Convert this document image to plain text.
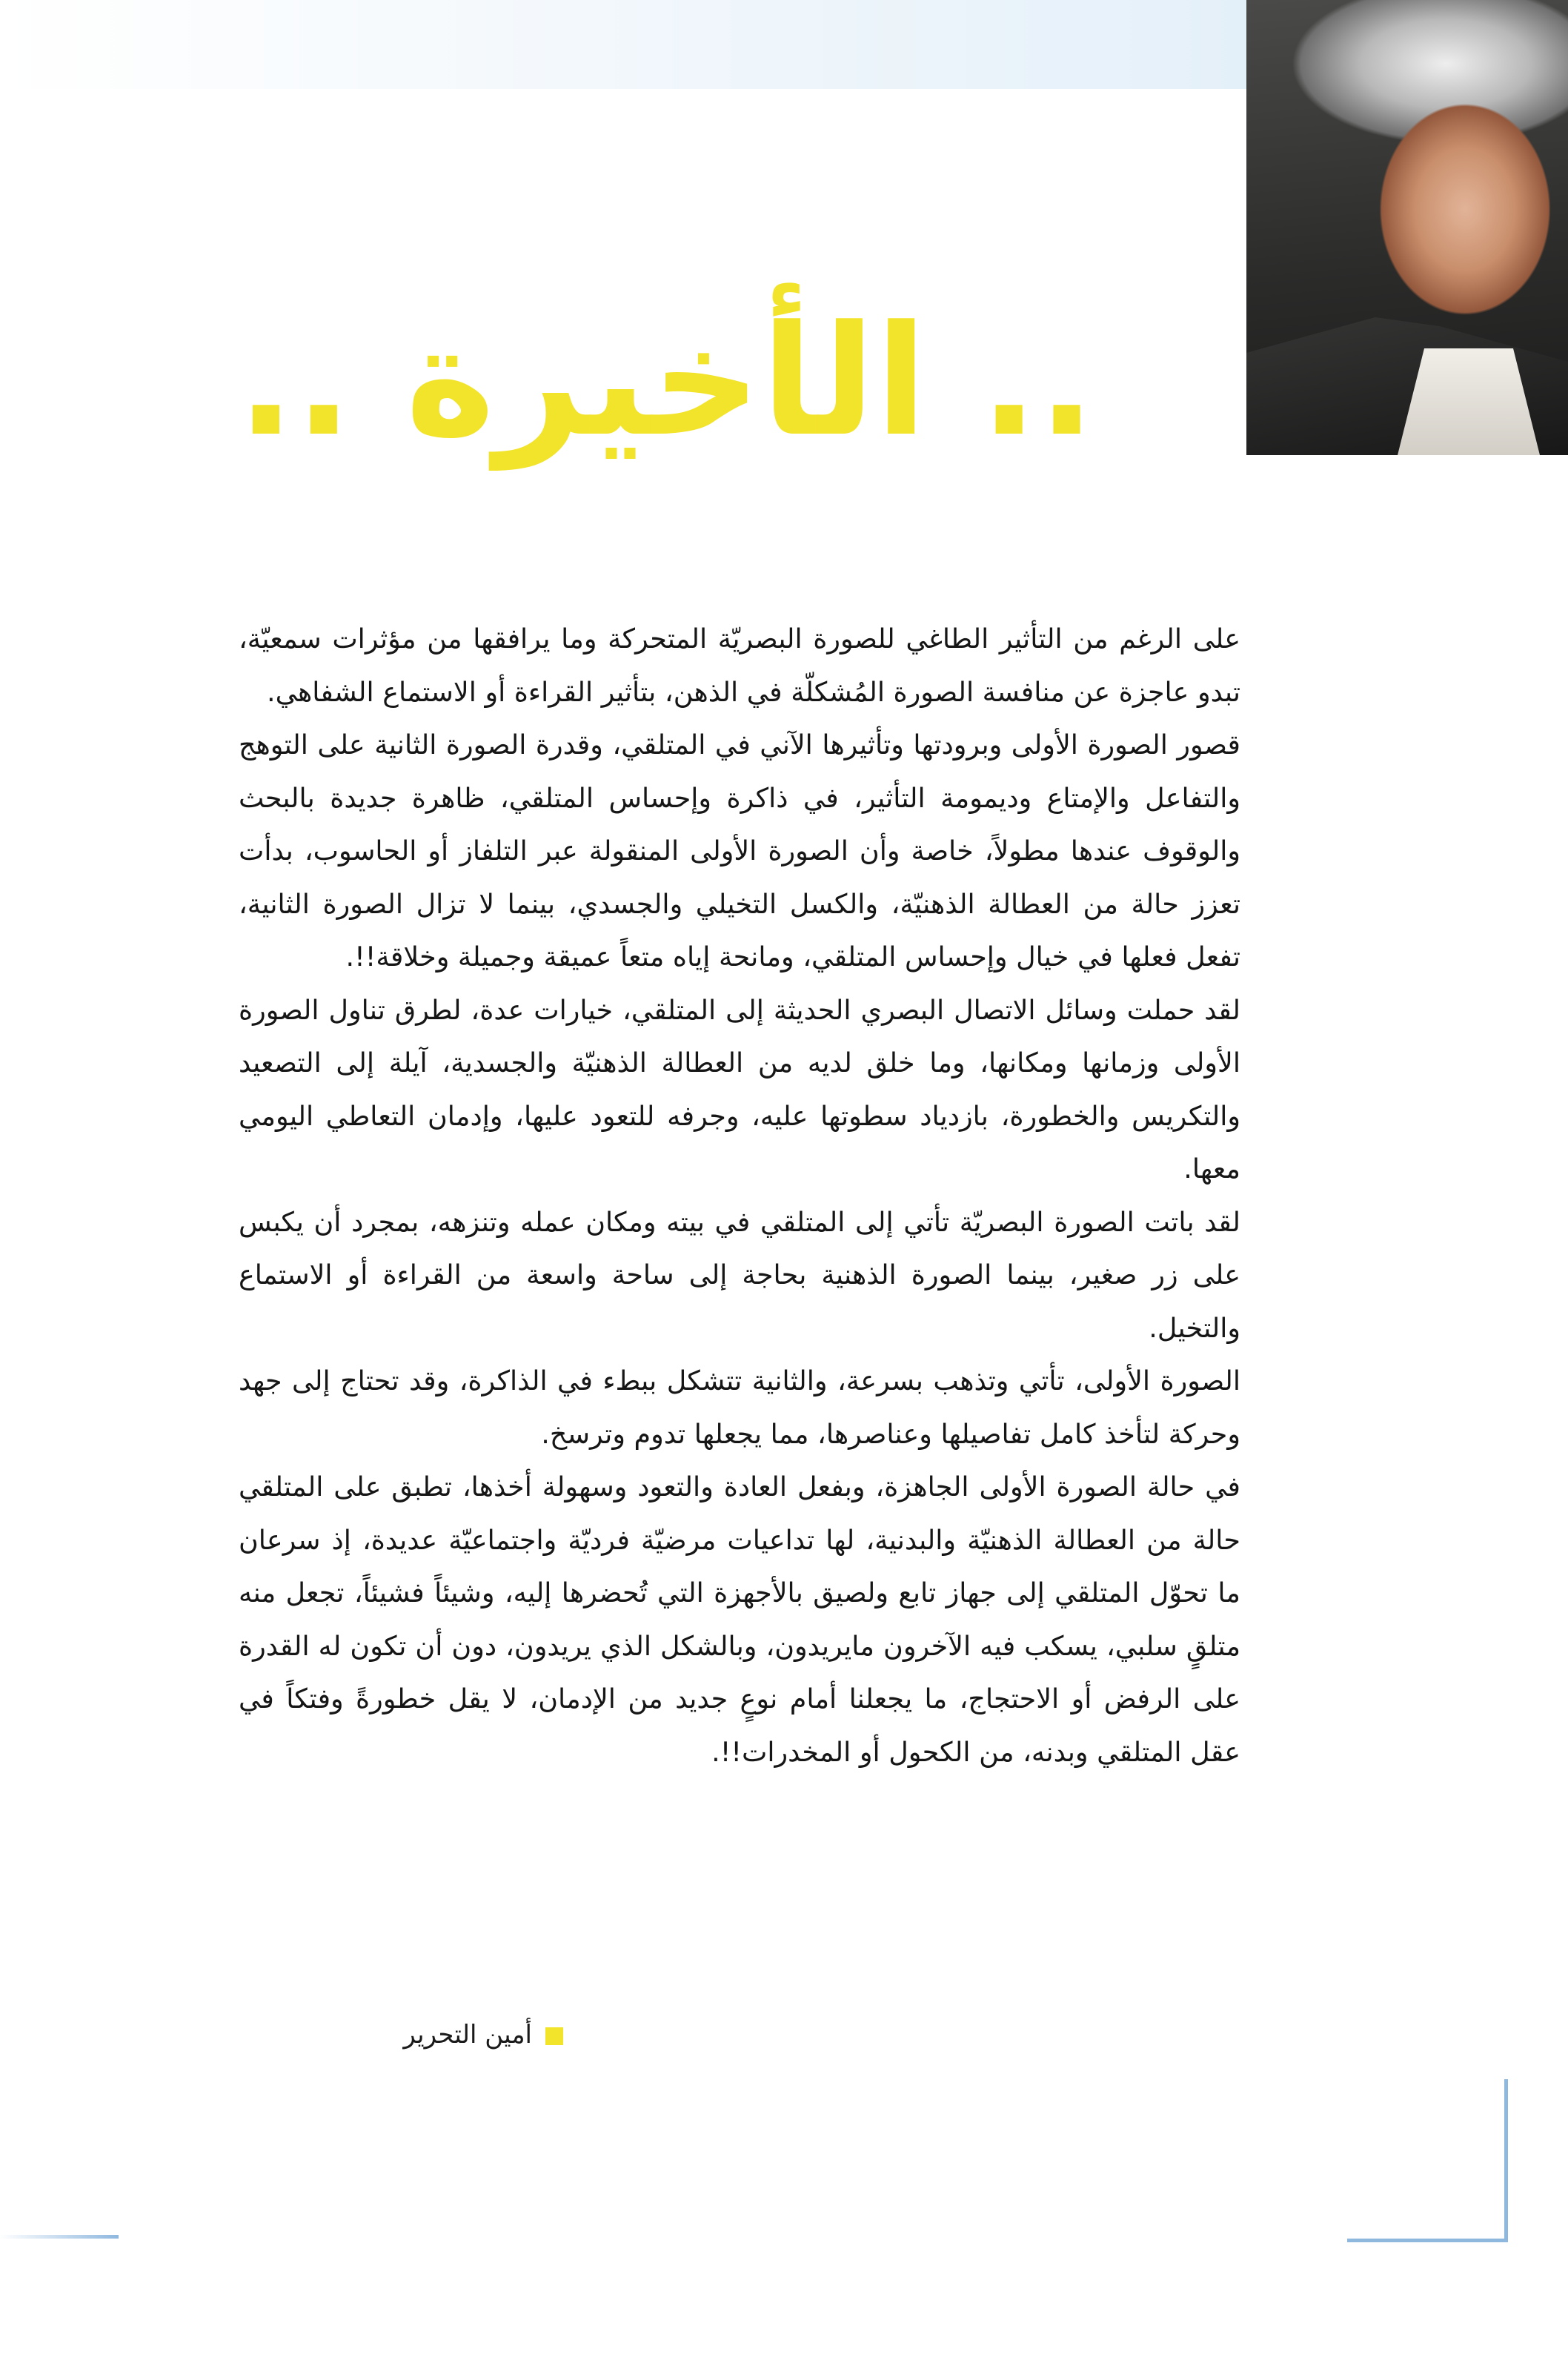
.. الأخيرة ..

على الرغم من التأثير الطاغي للصورة البصريّة المتحركة وما يرافقها من مؤثرات سمعيّة، تبدو عاجزة عن منافسة الصورة المُشكلّة في الذهن، بتأثير القراءة أو الاستماع الشفاهي.

قصور الصورة الأولى وبرودتها وتأثيرها الآني في المتلقي، وقدرة الصورة الثانية على التوهج والتفاعل والإمتاع وديمومة التأثير، في ذاكرة وإحساس المتلقي، ظاهرة جديدة بالبحث والوقوف عندها مطولاً، خاصة وأن الصورة الأولى المنقولة عبر التلفاز أو الحاسوب، بدأت تعزز حالة من العطالة الذهنيّة، والكسل التخيلي والجسدي، بينما لا تزال الصورة الثانية، تفعل فعلها في خيال وإحساس المتلقي، ومانحة إياه متعاً عميقة وجميلة وخلاقة!!.

لقد حملت وسائل الاتصال البصري الحديثة إلى المتلقي، خيارات عدة، لطرق تناول الصورة الأولى وزمانها ومكانها، وما خلق لديه من العطالة الذهنيّة والجسدية، آيلة إلى التصعيد والتكريس والخطورة، بازدياد سطوتها عليه، وجرفه للتعود عليها، وإدمان التعاطي اليومي معها.

لقد باتت الصورة البصريّة تأتي إلى المتلقي في بيته ومكان عمله وتنزهه، بمجرد أن يكبس على زر صغير، بينما الصورة الذهنية بحاجة إلى ساحة واسعة من القراءة أو الاستماع والتخيل.

الصورة الأولى، تأتي وتذهب بسرعة، والثانية تتشكل ببطء في الذاكرة، وقد تحتاج إلى جهد وحركة لتأخذ كامل تفاصيلها وعناصرها، مما يجعلها تدوم وترسخ.

في حالة الصورة الأولى الجاهزة، وبفعل العادة والتعود وسهولة أخذها، تطبق على المتلقي حالة من العطالة الذهنيّة والبدنية، لها تداعيات مرضيّة فرديّة واجتماعيّة عديدة، إذ سرعان ما تحوّل المتلقي إلى جهاز تابع ولصيق بالأجهزة التي تُحضرها إليه، وشيئاً فشيئاً، تجعل منه متلقٍ سلبي، يسكب فيه الآخرون مايريدون، وبالشكل الذي يريدون، دون أن تكون له القدرة على الرفض أو الاحتجاج، ما يجعلنا أمام نوعٍ جديد من الإدمان، لا يقل خطورةً وفتكاً في عقل المتلقي وبدنه، من الكحول أو المخدرات!!.

أمين التحرير
